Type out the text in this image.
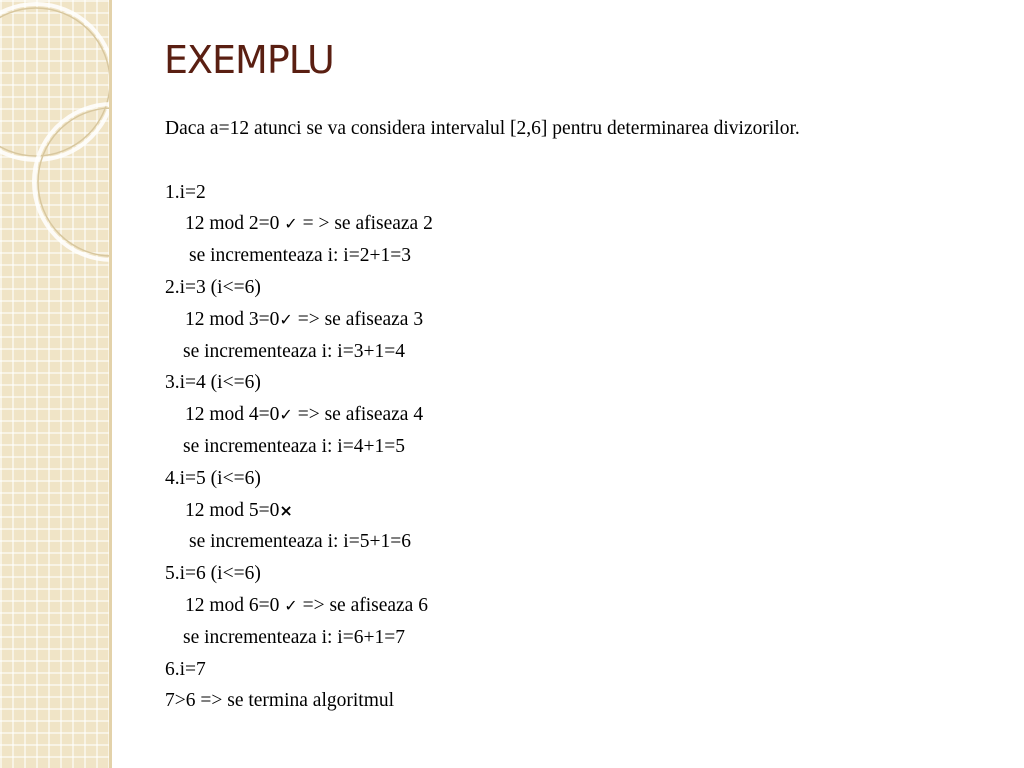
EXEMPLU
Daca a=12 atunci se va considera intervalul [2,6] pentru determinarea divizorilor.
1.i=2
12 mod 2=0 ✓ = > se afiseaza 2
se incrementeaza i: i=2+1=3
2.i=3 (i<=6)
12 mod 3=0✓ => se afiseaza 3
se incrementeaza i: i=3+1=4
3.i=4 (i<=6)
12 mod 4=0✓ => se afiseaza 4
se incrementeaza i: i=4+1=5
4.i=5 (i<=6)
12 mod 5=0×
se incrementeaza i: i=5+1=6
5.i=6 (i<=6)
12 mod 6=0 ✓ => se afiseaza 6
se incrementeaza i: i=6+1=7
6.i=7
7>6 => se termina algoritmul
